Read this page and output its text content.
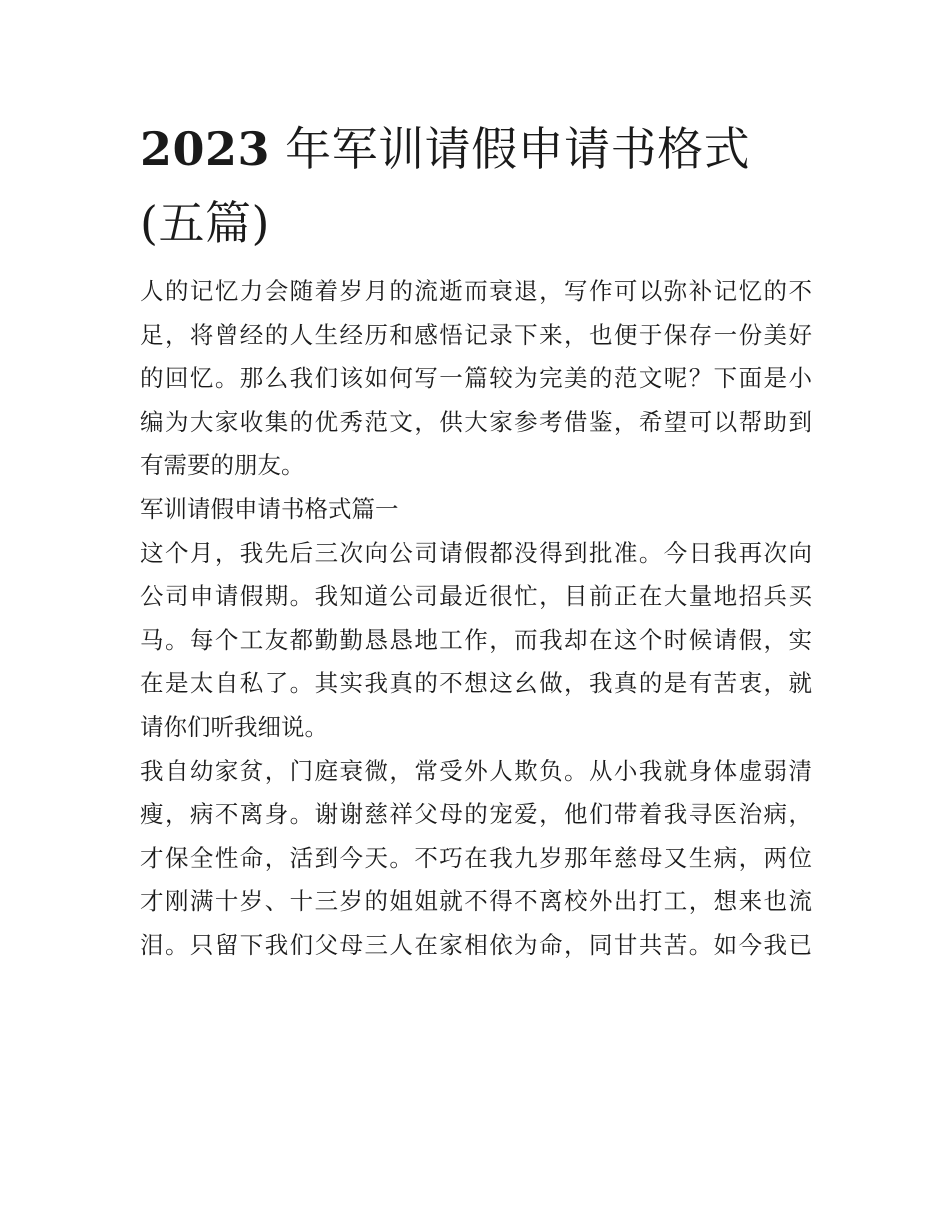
2023 年军训请假申请书格式
(五篇)
人的记忆力会随着岁月的流逝而衰退，写作可以弥补记忆的不
足，将曾经的人生经历和感悟记录下来，也便于保存一份美好
的回忆。那么我们该如何写一篇较为完美的范文呢？下面是小
编为大家收集的优秀范文，供大家参考借鉴，希望可以帮助到
有需要的朋友。
军训请假申请书格式篇一
这个月，我先后三次向公司请假都没得到批准。今日我再次向
公司申请假期。我知道公司最近很忙，目前正在大量地招兵买
马。每个工友都勤勤恳恳地工作，而我却在这个时候请假，实
在是太自私了。其实我真的不想这幺做，我真的是有苦衷，就
请你们听我细说。
我自幼家贫，门庭衰微，常受外人欺负。从小我就身体虚弱清
瘦，病不离身。谢谢慈祥父母的宠爱，他们带着我寻医治病，
才保全性命，活到今天。不巧在我九岁那年慈母又生病，两位
才刚满十岁、十三岁的姐姐就不得不离校外出打工，想来也流
泪。只留下我们父母三人在家相依为命，同甘共苦。如今我已
